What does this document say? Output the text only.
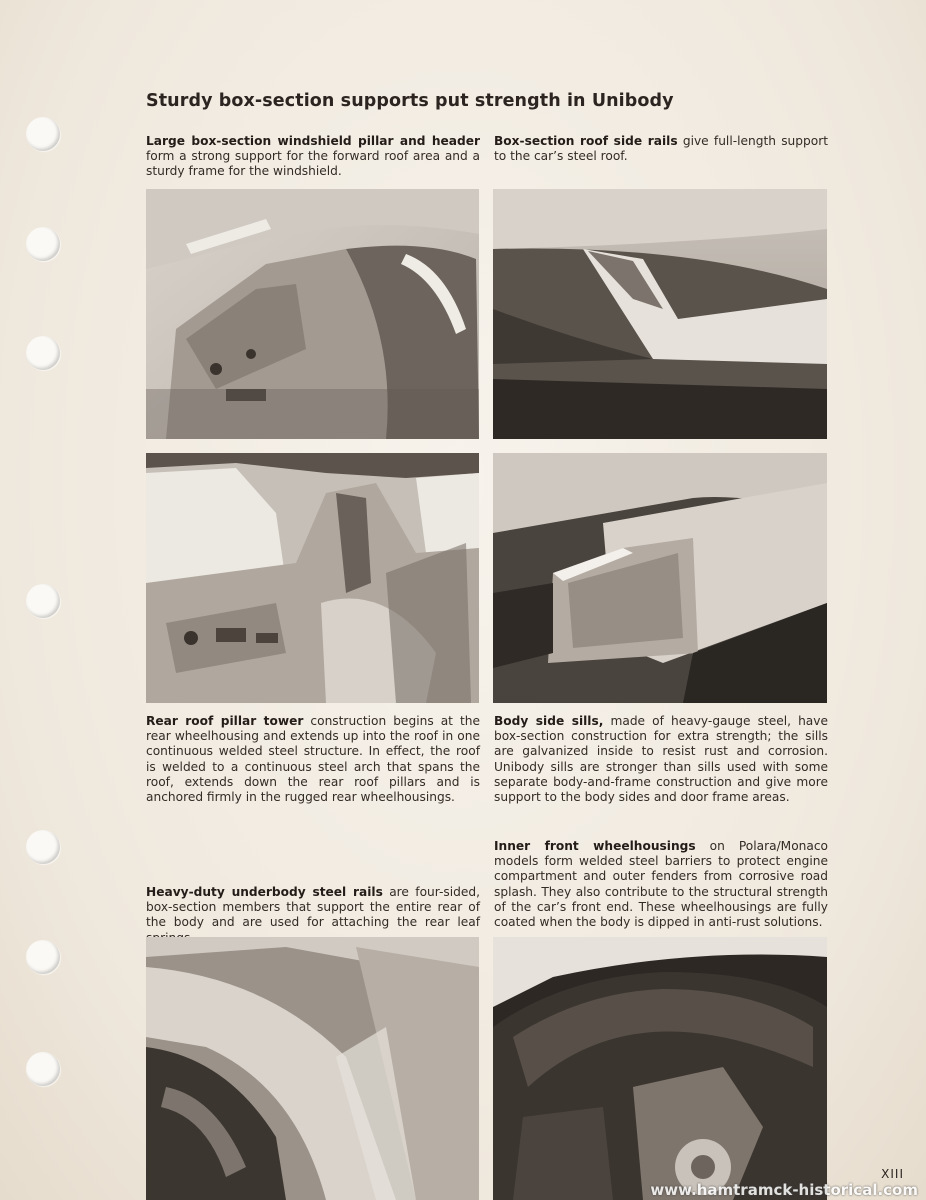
Sturdy box-section supports put strength in Unibody
Large box-section windshield pillar and header form a strong support for the forward roof area and a sturdy frame for the windshield.
Box-section roof side rails give full-length support to the car’s steel roof.
Rear roof pillar tower construction begins at the rear wheelhousing and extends up into the roof in one continuous welded steel structure. In effect, the roof is welded to a continuous steel arch that spans the roof, extends down the rear roof pillars and is anchored firmly in the rugged rear wheelhousings.
Body side sills, made of heavy-gauge steel, have box-section construction for extra strength; the sills are galvanized inside to resist rust and corrosion. Unibody sills are stronger than sills used with some separate body-and-frame construction and give more support to the body sides and door frame areas.
Heavy-duty underbody steel rails are four-sided, box-section members that support the entire rear of the body and are used for attaching the rear leaf
Inner front wheelhousings on Polara/Monaco models form welded steel barriers to protect engine compartment and outer fenders from corrosive road splash. They also contribute to the structural strength of the car’s front end. These wheelhousings are fully coated when the body is dipped in anti-rust solutions.
XIII
www.hamtramck-historical.com
